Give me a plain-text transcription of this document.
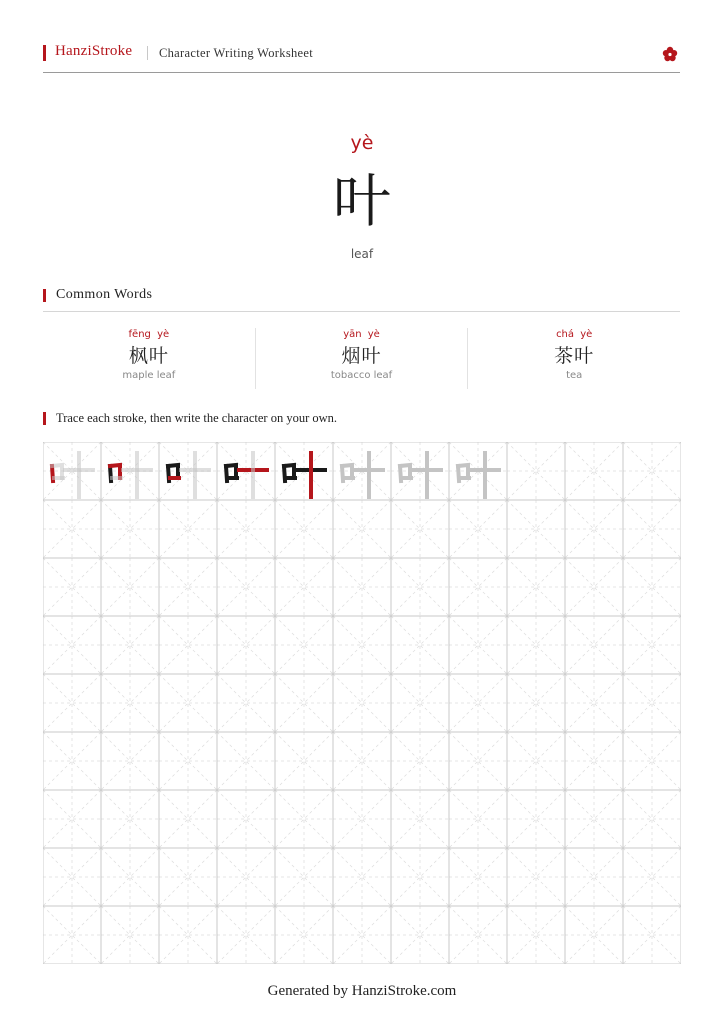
HanziStroke Character Writing Worksheet
yè
叶
leaf
Common Words
fēng yè
枫叶
maple leaf
yān yè
烟叶
tobacco leaf
chá yè
茶叶
tea
Trace each stroke, then write the character on your own.
Generated by HanziStroke.com
